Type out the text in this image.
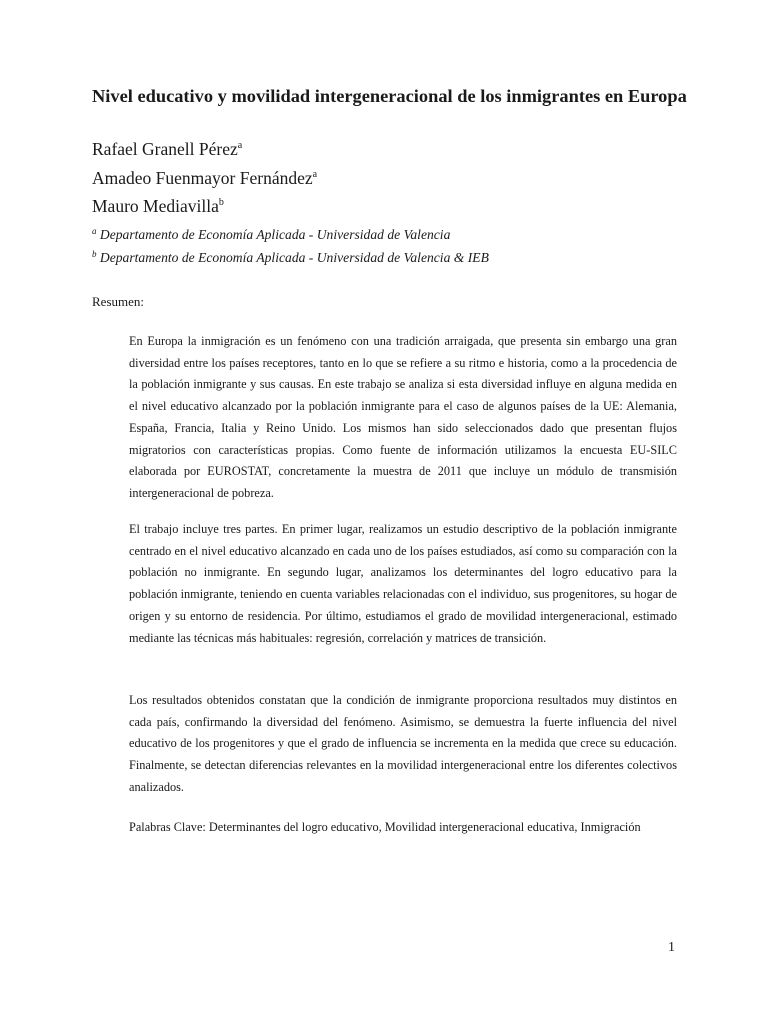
Nivel educativo y movilidad intergeneracional de los inmigrantes en Europa

Rafael Granell Pérez$^a$

Amadeo Fuenmayor Fernández$^a$

Mauro Mediavilla$^b$

$^a$ Departamento de Economía Aplicada - Universidad de Valencia

$^b$ Departamento de Economía Aplicada - Universidad de Valencia & IEB

Resumen:

En Europa la inmigración es un fenómeno con una tradición arraigada, que presenta sin embargo una gran diversidad entre los países receptores, tanto en lo que se refiere a su ritmo e historia, como a la procedencia de la población inmigrante y sus causas. En este trabajo se analiza si esta diversidad influye en alguna medida en el nivel educativo alcanzado por la población inmigrante para el caso de algunos países de la UE: Alemania, España, Francia, Italia y Reino Unido. Los mismos han sido seleccionados dado que presentan flujos migratorios con características propias. Como fuente de información utilizamos la encuesta EU-SILC elaborada por EUROSTAT, concretamente la muestra de 2011 que incluye un módulo de transmisión intergeneracional de pobreza.

El trabajo incluye tres partes. En primer lugar, realizamos un estudio descriptivo de la población inmigrante centrado en el nivel educativo alcanzado en cada uno de los países estudiados, así como su comparación con la población no inmigrante. En segundo lugar, analizamos los determinantes del logro educativo para la población inmigrante, teniendo en cuenta variables relacionadas con el individuo, sus progenitores, su hogar de origen y su entorno de residencia. Por último, estudiamos el grado de movilidad intergeneracional, estimado mediante las técnicas más habituales: regresión, correlación y matrices de transición.

Los resultados obtenidos constatan que la condición de inmigrante proporciona resultados muy distintos en cada país, confirmando la diversidad del fenómeno. Asimismo, se demuestra la fuerte influencia del nivel educativo de los progenitores y que el grado de influencia se incrementa en la medida que crece su educación. Finalmente, se detectan diferencias relevantes en la movilidad intergeneracional entre los diferentes colectivos analizados.

Palabras Clave: Determinantes del logro educativo, Movilidad intergeneracional educativa, Inmigración

1
